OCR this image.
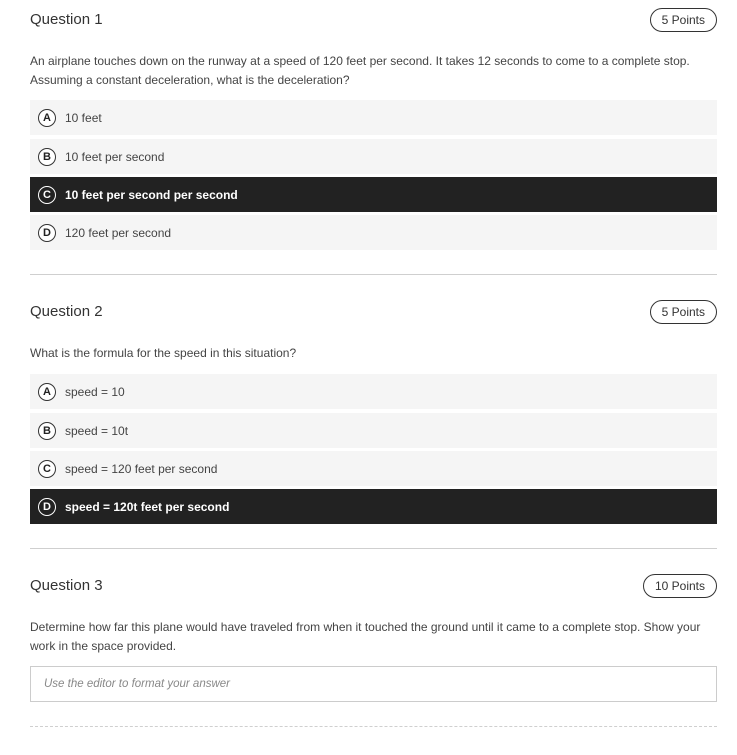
Question 1	5 Points
An airplane touches down on the runway at a speed of 120 feet per second. It takes 12 seconds to come to a complete stop. Assuming a constant deceleration, what is the deceleration?
A	10 feet
B	10 feet per second
C	10 feet per second per second
D	120 feet per second
Question 2	5 Points
What is the formula for the speed in this situation?
A	speed = 10
B	speed = 10t
C	speed = 120 feet per second
D	speed = 120t feet per second
Question 3	10 Points
Determine how far this plane would have traveled from when it touched the ground until it came to a complete stop. Show your work in the space provided.
Use the editor to format your answer
